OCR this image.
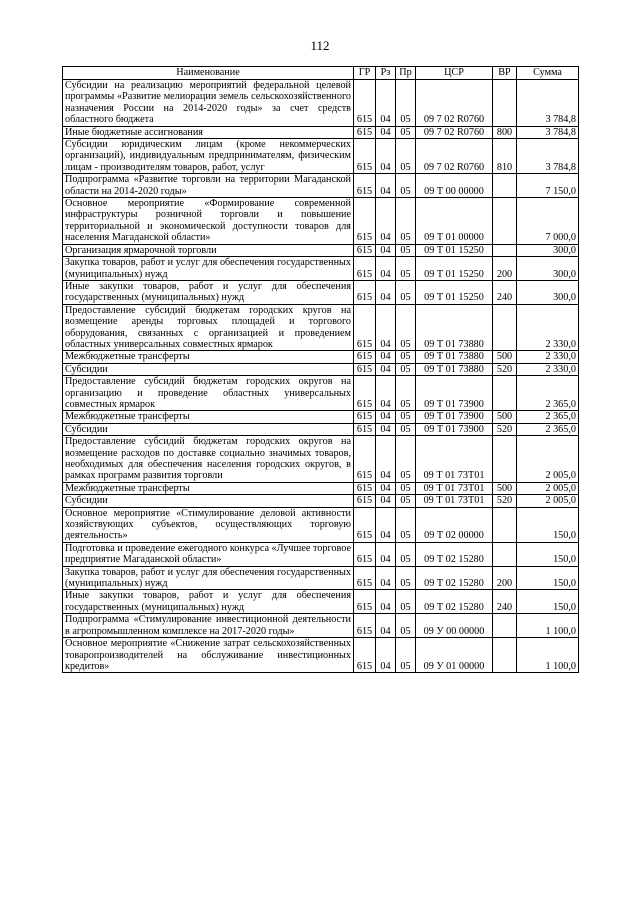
112
Наименование	ГР	Рз	Пр	ЦСР	ВР	Сумма
Субсидии на реализацию мероприятий федеральной целевой программы «Развитие мелиорации земель сельскохозяйственного назначения России на 2014-2020 годы» за счет средств областного бюджета	615	04	05	09 7 02 R0760		3 784,8
Иные бюджетные ассигнования	615	04	05	09 7 02 R0760	800	3 784,8
Субсидии юридическим лицам (кроме некоммерческих организаций), индивидуальным предпринимателям, физическим лицам - производителям товаров, работ, услуг	615	04	05	09 7 02 R0760	810	3 784,8
Подпрограмма «Развитие торговли на территории Магаданской области на 2014-2020 годы»	615	04	05	09 Т 00 00000		7 150,0
Основное мероприятие «Формирование современной инфраструктуры розничной торговли и повышение территориальной и экономической доступности товаров для населения Магаданской области»	615	04	05	09 Т 01 00000		7 000,0
Организация ярмарочной торговли	615	04	05	09 Т 01 15250		300,0
Закупка товаров, работ и услуг для обеспечения государственных (муниципальных) нужд	615	04	05	09 Т 01 15250	200	300,0
Иные закупки товаров, работ и услуг для обеспечения государственных (муниципальных) нужд	615	04	05	09 Т 01 15250	240	300,0
Предоставление субсидий бюджетам городских кругов на возмещение аренды торговых площадей и торгового оборудования, связанных с организацией и проведением областных универсальных совместных ярмарок	615	04	05	09 Т 01 73880		2 330,0
Межбюджетные трансферты	615	04	05	09 Т 01 73880	500	2 330,0
Субсидии	615	04	05	09 Т 01 73880	520	2 330,0
Предоставление субсидий бюджетам городских округов на организацию и проведение областных универсальных совместных ярмарок	615	04	05	09 Т 01 73900		2 365,0
Межбюджетные трансферты	615	04	05	09 Т 01 73900	500	2 365,0
Субсидии	615	04	05	09 Т 01 73900	520	2 365,0
Предоставление субсидий бюджетам городских округов на возмещение расходов по доставке социально значимых товаров, необходимых для обеспечения населения городских округов, в рамках программ развития торговли	615	04	05	09 Т 01 73Т01		2 005,0
Межбюджетные трансферты	615	04	05	09 Т 01 73Т01	500	2 005,0
Субсидии	615	04	05	09 Т 01 73Т01	520	2 005,0
Основное мероприятие «Стимулирование деловой активности хозяйствующих субъектов, осуществляющих торговую деятельность»	615	04	05	09 Т 02 00000		150,0
Подготовка и проведение ежегодного конкурса «Лучшее торговое предприятие Магаданской области»	615	04	05	09 Т 02 15280		150,0
Закупка товаров, работ и услуг для обеспечения государственных (муниципальных) нужд	615	04	05	09 Т 02 15280	200	150,0
Иные закупки товаров, работ и услуг для обеспечения государственных (муниципальных) нужд	615	04	05	09 Т 02 15280	240	150,0
Подпрограмма «Стимулирование инвестиционной деятельности в агропромышленном комплексе на 2017-2020 годы»	615	04	05	09 У 00 00000		1 100,0
Основное мероприятие «Снижение затрат сельскохозяйственных товаропроизводителей на обслуживание инвестиционных кредитов»	615	04	05	09 У 01 00000		1 100,0
